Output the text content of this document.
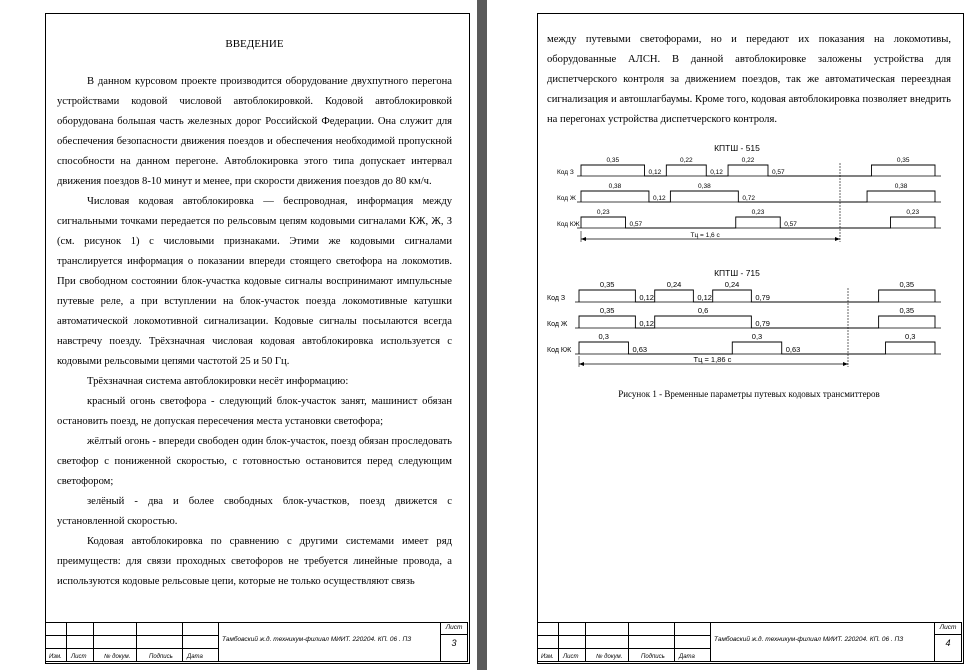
ВВЕДЕНИЕ

В данном курсовом проекте производится оборудование двухпутного перегона устройствами кодовой числовой автоблокировкой. Кодовой автоблокировкой оборудована большая часть железных дорог Российской Федерации. Она служит для обеспечения безопасности движения поездов и обеспечения необходимой пропускной способности на данном перегоне. Автоблокировка этого типа допускает интервал движения поездов 8-10 минут и менее, при скорости движения поездов до 80 км/ч.

Числовая кодовая автоблокировка — беспроводная, информация между сигнальными точками передается по рельсовым цепям кодовыми сигналами КЖ, Ж, З (см. рисунок 1) с числовыми признаками. Этими же кодовыми сигналами транслируется информация о показании впереди стоящего светофора на локомотив. При свободном состоянии блок-участка кодовые сигналы воспринимают импульсные путевые реле, а при вступлении на блок-участок поезда локомотивные катушки автоматической локомотивной сигнализации. Кодовые сигналы посылаются всегда навстречу поезду. Трёхзначная числовая кодовая автоблокировка используется с кодовыми рельсовыми цепями частотой 25 и 50 Гц.

Трёхзначная система автоблокировки несёт информацию:

красный огонь светофора - следующий блок-участок занят, машинист обязан остановить поезд, не допуская пересечения места установки светофора;

жёлтый огонь - впереди свободен один блок-участок, поезд обязан проследовать светофор с пониженной скоростью, с готовностью остановится перед следующим светофором;

зелёный - два и более свободных блок-участков, поезд движется с установленной скоростью.

Кодовая автоблокировка по сравнению с другими системами имеет ряд преимуществ: для связи проходных светофоров не требуется линейные провода, а используются кодовые рельсовые цепи, которые не только осуществляют связь

Изм. Лист	№ докум.	Подпись Дата
Тамбовский ж.д. техникум-филиал МИИТ. 220204. КП. 06 . ПЗ
Лист
3

между путевыми светофорами, но и передают их показания на локомотивы, оборудованные АЛСН. В данной автоблокировке заложены устройства для диспетчерского контроля за движением поездов, так же автоматическая переездная сигнализация и автошлагбаумы. Кроме того, кодовая автоблокировка позволяет внедрить на перегонах устройства диспетчерского контроля.

КПТШ - 515
Код З
0,35
0,12
0,22
0,12
0,22
0,57
0,35
Код Ж
0,38
0,12
0,38
0,72
0,38
Код КЖ
0,23
0,57
0,23
0,57
0,23
Тц = 1,6 с
КПТШ - 715
Код З
0,35
0,12
0,24
0,12
0,24
0,79
0,35
Код Ж
0,35
0,12
0,6
0,79
0,35
Код КЖ
0,3
0,63
0,3
0,63
0,3
Тц = 1,86 с
Рисунок 1 - Временные параметры путевых кодовых трансмиттеров
Изм. Лист	№ докум.	Подпись Дата
Тамбовский ж.д. техникум-филиал МИИТ. 220204. КП. 06 . ПЗ
Лист
4
